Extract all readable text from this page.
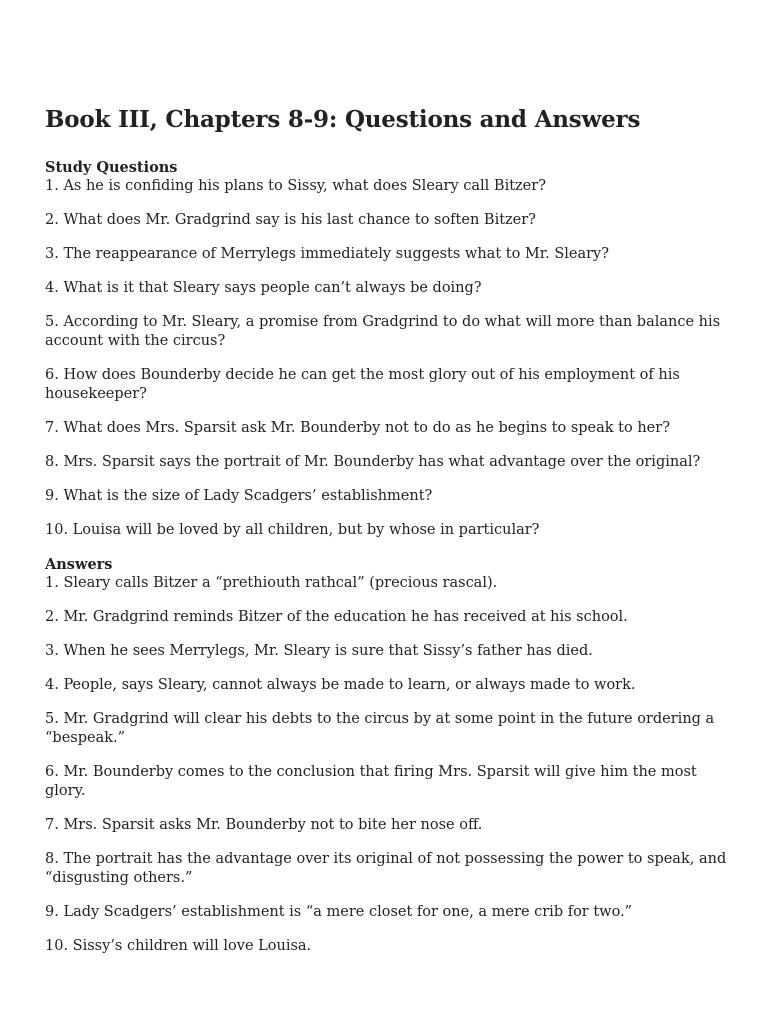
Book III, Chapters 8-9: Questions and Answers

Study Questions

1. As he is confiding his plans to Sissy, what does Sleary call Bitzer?

2. What does Mr. Gradgrind say is his last chance to soften Bitzer?

3. The reappearance of Merrylegs immediately suggests what to Mr. Sleary?

4. What is it that Sleary says people can’t always be doing?

5. According to Mr. Sleary, a promise from Gradgrind to do what will more than balance his account with the circus?

6. How does Bounderby decide he can get the most glory out of his employment of his housekeeper?

7. What does Mrs. Sparsit ask Mr. Bounderby not to do as he begins to speak to her?

8. Mrs. Sparsit says the portrait of Mr. Bounderby has what advantage over the original?

9. What is the size of Lady Scadgers’ establishment?

10. Louisa will be loved by all children, but by whose in particular?

Answers

1. Sleary calls Bitzer a “prethiouth rathcal” (precious rascal).

2. Mr. Gradgrind reminds Bitzer of the education he has received at his school.

3. When he sees Merrylegs, Mr. Sleary is sure that Sissy’s father has died.

4. People, says Sleary, cannot always be made to learn, or always made to work.

5. Mr. Gradgrind will clear his debts to the circus by at some point in the future ordering a “bespeak.”

6. Mr. Bounderby comes to the conclusion that firing Mrs. Sparsit will give him the most glory.

7. Mrs. Sparsit asks Mr. Bounderby not to bite her nose off.

8. The portrait has the advantage over its original of not possessing the power to speak, and “disgusting others.”

9. Lady Scadgers’ establishment is “a mere closet for one, a mere crib for two.”

10. Sissy’s children will love Louisa.
